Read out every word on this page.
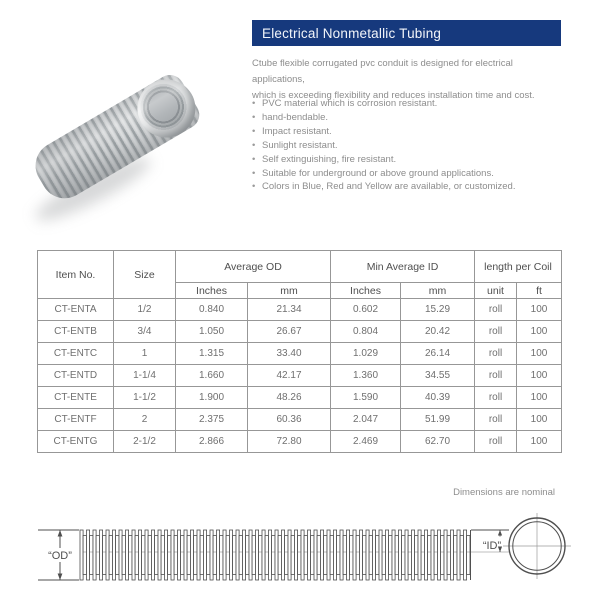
Electrical Nonmetallic Tubing
Ctube flexible corrugated pvc conduit is designed for electrical applications,
which is exceeding flexibility and reduces installation time and cost.
• PVC material which is corrosion resistant.
• hand-bendable.
• Impact resistant.
• Sunlight resistant.
• Self extinguishing, fire resistant.
• Suitable for underground or above ground applications.
• Colors in Blue, Red and Yellow are available, or customized.
Item No.	Size	Average OD		Min Average ID		length per Coil	
		Inches	mm	Inches	mm	unit	ft
CT-ENTA	1/2	0.840	21.34	0.602	15.29	roll	100
CT-ENTB	3/4	1.050	26.67	0.804	20.42	roll	100
CT-ENTC	1	1.315	33.40	1.029	26.14	roll	100
CT-ENTD	1-1/4	1.660	42.17	1.360	34.55	roll	100
CT-ENTE	1-1/2	1.900	48.26	1.590	40.39	roll	100
CT-ENTF	2	2.375	60.36	2.047	51.99	roll	100
CT-ENTG	2-1/2	2.866	72.80	2.469	62.70	roll	100
Dimensions are nominal
“OD”
“ID”
